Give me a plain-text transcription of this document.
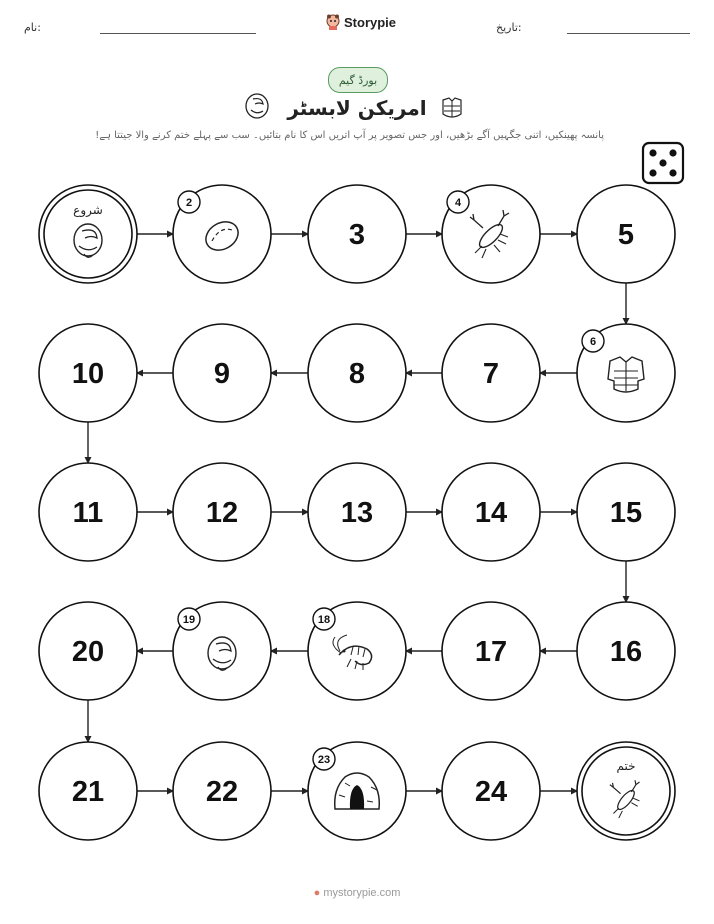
نام:	Storypie	تاریخ:
بورڈ گیم
امریکن لابسٹر
پانسہ پھینکیں، اتنی جگہیں آگے بڑھیں، اور جس تصویر پر آپ اتریں اس کا نام بتائیں۔ سب سے پہلے ختم کرنے والا جیتتا ہے!
2
3
4
5
6
7
8
9
10
11	12	13	14	15
16
17
18
19
20
21	22
23
24
شروع
ختم
● mystorypie.com
